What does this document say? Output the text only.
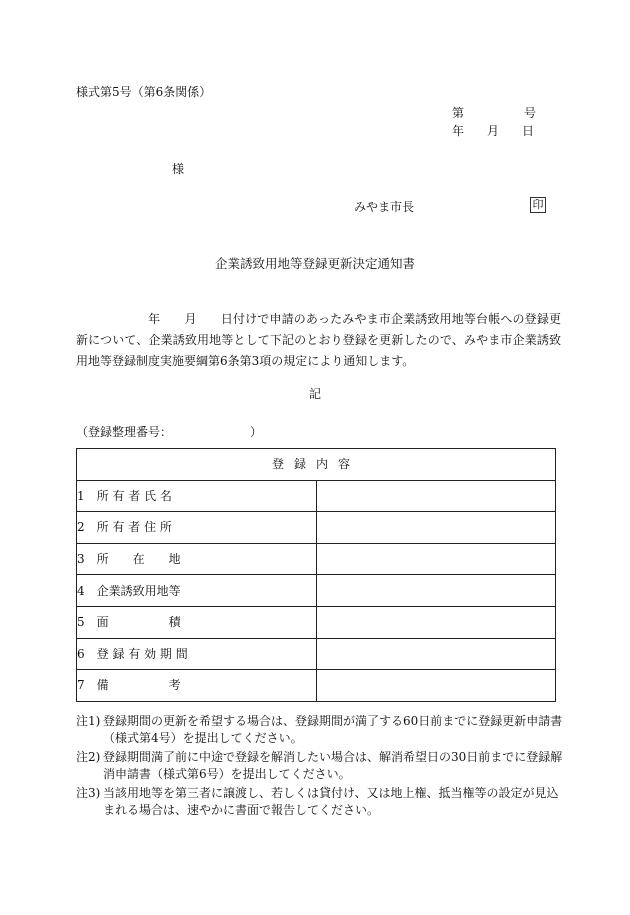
様式第5号（第6条関係）
第	号
年 月 日
様
みやま市長	印
企業誘致用地等登録更新決定通知書
年 月 日付けで申請のあったみやま市企業誘致用地等台帳への登録更新について、企業誘致用地等として下記のとおり登録を更新したので、みやま市企業誘致用地等登録制度実施要綱第6条第3項の規定により通知します。
記
（登録整理番号：	）
登録内容	
1　所 有 者 氏 名	
2　所 有 者 住 所	
3　所　　在　　地	
4　企業誘致用地等	
5　面　　　　　積	
6　登 録 有 効 期 間	
7　備　　　　　考	
注1) 登録期間の更新を希望する場合は、登録期間が満了する60日前までに登録更新申請書（様式第4号）を提出してください。
注2) 登録期間満了前に中途で登録を解消したい場合は、解消希望日の30日前までに登録解消申請書（様式第6号）を提出してください。
注3) 当該用地等を第三者に譲渡し、若しくは貸付け、又は地上権、抵当権等の設定が見込まれる場合は、速やかに書面で報告してください。
